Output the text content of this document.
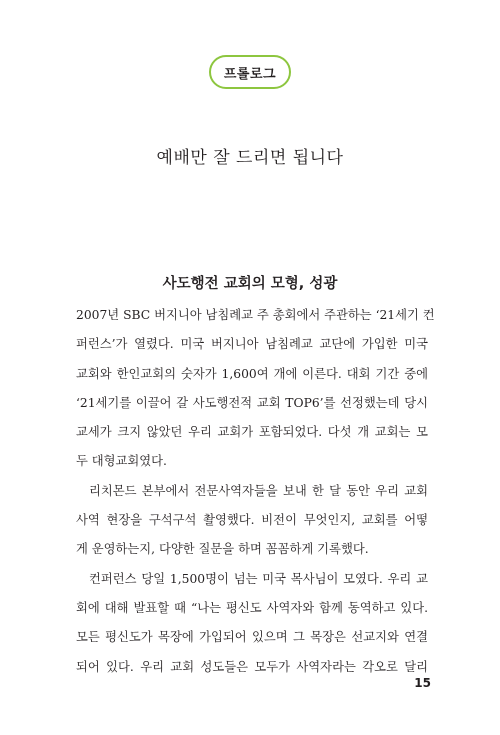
프롤로그
예배만 잘 드리면 됩니다
사도행전 교회의 모형, 성광
2007년 SBC 버지니아 남침례교 주 총회에서 주관하는 ‘21세기 컨
퍼런스’가 열렸다. 미국 버지니아 남침례교 교단에 가입한 미국
교회와 한인교회의 숫자가 1,600여 개에 이른다. 대회 기간 중에
‘21세기를 이끌어 갈 사도행전적 교회 TOP6’를 선정했는데 당시
교세가 크지 않았던 우리 교회가 포함되었다. 다섯 개 교회는 모
두 대형교회였다.
리치몬드 본부에서 전문사역자들을 보내 한 달 동안 우리 교회
사역 현장을 구석구석 촬영했다. 비전이 무엇인지, 교회를 어떻
게 운영하는지, 다양한 질문을 하며 꼼꼼하게 기록했다.
컨퍼런스 당일 1,500명이 넘는 미국 목사님이 모였다. 우리 교
회에 대해 발표할 때 “나는 평신도 사역자와 함께 동역하고 있다.
모든 평신도가 목장에 가입되어 있으며 그 목장은 선교지와 연결
되어 있다. 우리 교회 성도들은 모두가 사역자라는 각오로 달리
15
